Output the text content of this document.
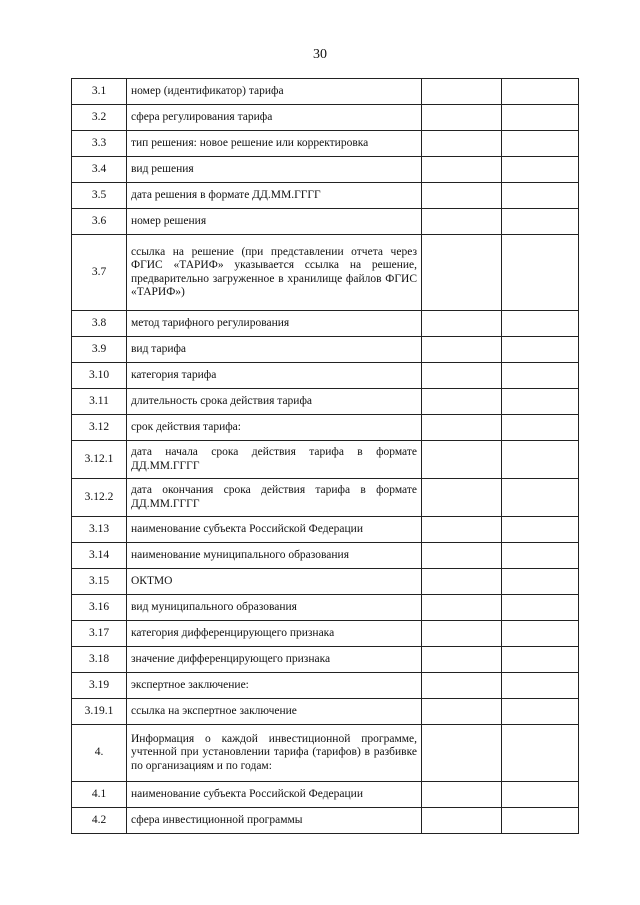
30
3.1	номер (идентификатор) тарифа		
3.2	сфера регулирования тарифа		
3.3	тип решения: новое решение или корректировка		
3.4	вид решения		
3.5	дата решения в формате ДД.ММ.ГГГГ		
3.6	номер решения		
3.7	ссылка на решение (при представлении отчета через ФГИС «ТАРИФ» указывается ссылка на решение, предварительно загруженное в хранилище файлов ФГИС «ТАРИФ»)		
3.8	метод тарифного регулирования		
3.9	вид тарифа		
3.10	категория тарифа		
3.11	длительность срока действия тарифа		
3.12	срок действия тарифа:		
3.12.1	дата начала срока действия тарифа в формате ДД.ММ.ГГГГ		
3.12.2	дата окончания срока действия тарифа в формате ДД.ММ.ГГГГ		
3.13	наименование субъекта Российской Федерации		
3.14	наименование муниципального образования		
3.15	ОКТМО		
3.16	вид муниципального образования		
3.17	категория дифференцирующего признака		
3.18	значение дифференцирующего признака		
3.19	экспертное заключение:		
3.19.1	ссылка на экспертное заключение		
4.	Информация о каждой инвестиционной программе, учтенной при установлении тарифа (тарифов) в разбивке по организациям и по годам:		
4.1	наименование субъекта Российской Федерации		
4.2	сфера инвестиционной программы		
